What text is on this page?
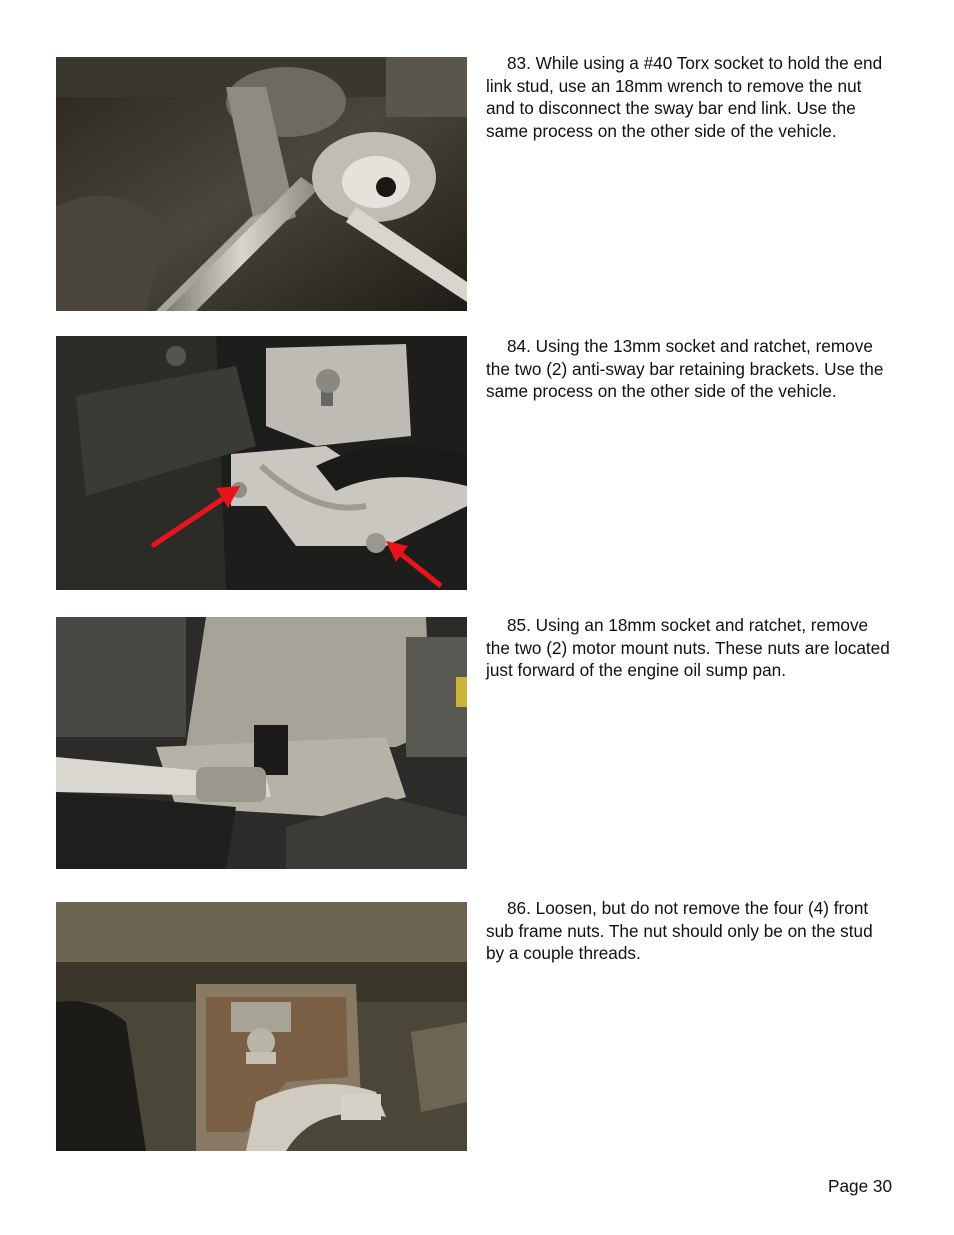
83. While using a #40 Torx socket to hold the end link stud, use an 18mm wrench to remove the nut and to disconnect the sway bar end link. Use the same process on the other side of the vehicle.

84. Using the 13mm socket and ratchet, remove the two (2) anti-sway bar retaining brackets. Use the same process on the other side of the vehicle.

85. Using an 18mm socket and ratchet, remove the two (2) motor mount nuts. These nuts are located just forward of the engine oil sump pan.

86. Loosen, but do not remove the four (4) front sub frame nuts. The nut should only be on the stud by a couple threads.

Page 30
